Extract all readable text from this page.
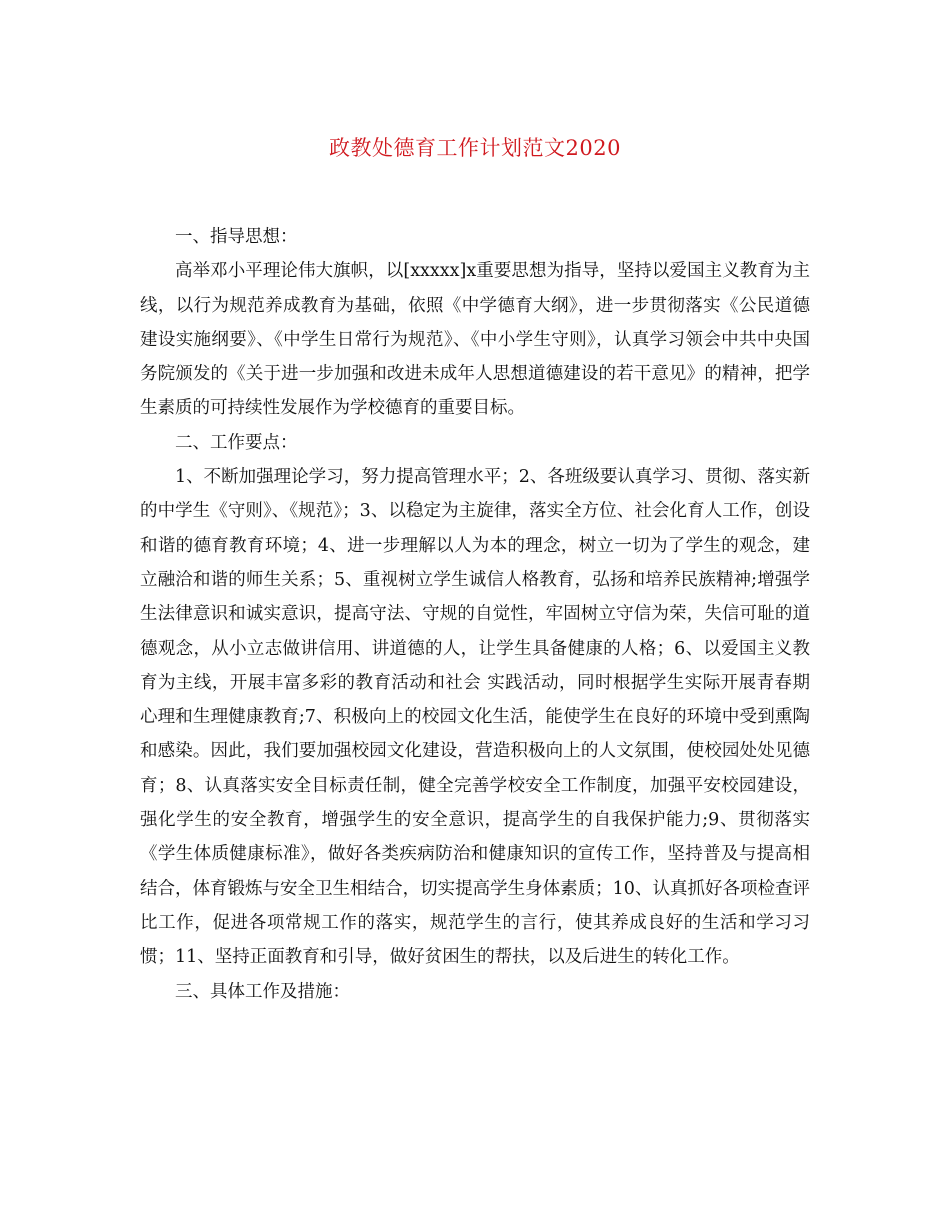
政教处德育工作计划范文2020

一、指导思想：

高举邓小平理论伟大旗帜，以[xxxxx]x重要思想为指导，坚持以爱国主义教育为主线，以行为规范养成教育为基础，依照《中学德育大纲》，进一步贯彻落实《公民道德建设实施纲要》、《中学生日常行为规范》、《中小学生守则》，认真学习领会中共中央国务院颁发的《关于进一步加强和改进未成年人思想道德建设的若干意见》的精神，把学生素质的可持续性发展作为学校德育的重要目标。

二、工作要点：

1、不断加强理论学习，努力提高管理水平；2、各班级要认真学习、贯彻、落实新的中学生《守则》、《规范》；3、以稳定为主旋律，落实全方位、社会化育人工作，创设和谐的德育教育环境；4、进一步理解以人为本的理念，树立一切为了学生的观念，建立融洽和谐的师生关系；5、重视树立学生诚信人格教育，弘扬和培养民族精神;增强学生法律意识和诚实意识，提高守法、守规的自觉性，牢固树立守信为荣，失信可耻的道德观念，从小立志做讲信用、讲道德的人，让学生具备健康的人格；6、以爱国主义教育为主线，开展丰富多彩的教育活动和社会 实践活动，同时根据学生实际开展青春期心理和生理健康教育;7、积极向上的校园文化生活，能使学生在良好的环境中受到熏陶和感染。因此，我们要加强校园文化建设，营造积极向上的人文氛围，使校园处处见德育；8、认真落实安全目标责任制，健全完善学校安全工作制度，加强平安校园建设，强化学生的安全教育，增强学生的安全意识，提高学生的自我保护能力;9、贯彻落实《学生体质健康标准》，做好各类疾病防治和健康知识的宣传工作，坚持普及与提高相结合，体育锻炼与安全卫生相结合，切实提高学生身体素质；10、认真抓好各项检查评比工作，促进各项常规工作的落实，规范学生的言行，使其养成良好的生活和学习习惯；11、坚持正面教育和引导，做好贫困生的帮扶，以及后进生的转化工作。

三、具体工作及措施：
